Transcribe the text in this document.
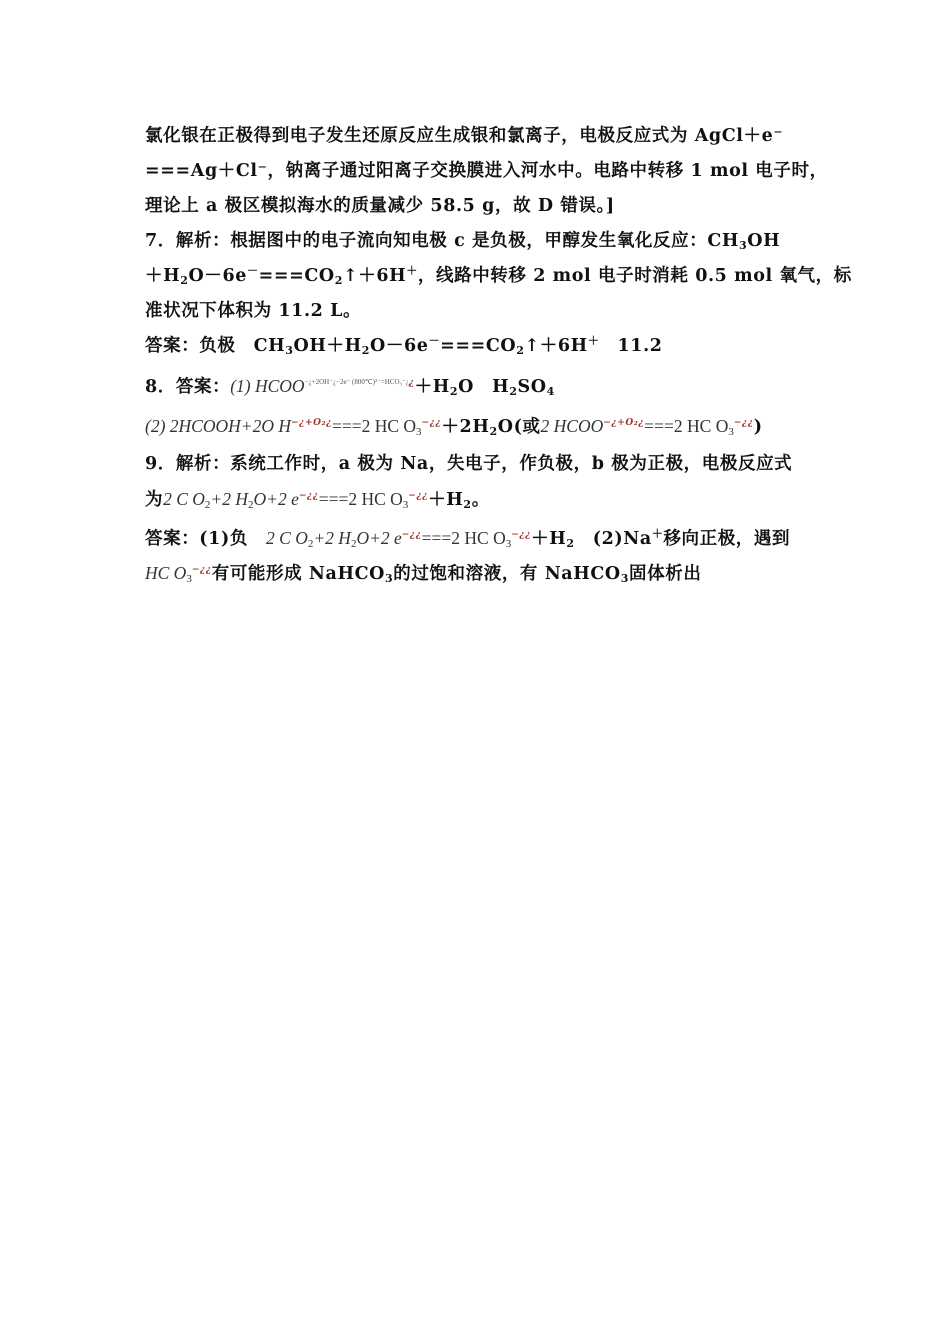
氯化银在正极得到电子发生还原反应生成银和氯离子，电极反应式为 AgCl＋e⁻
===Ag＋Cl⁻，钠离子通过阳离子交换膜进入河水中。电路中转移 1 mol 电子时，
理论上 a 极区模拟海水的质量减少 58.5 g，故 D 错误。]
7．解析：根据图中的电子流向知电极 c 是负极，甲醇发生氧化反应：$CH_3OH$
$+H_2O-6e^-===CO_2↑+6H^+$，线路中转移 2 mol 电子时消耗 0.5 mol 氧气，标
准状况下体积为 11.2 L。
答案：负极　$CH_3OH+H_2O-6e^-===CO_2↑+6H^+$　11.2
8．答案：(1) $HCOO^{-¿+2OH^-¿-2e^- (800℃)^{2-}=HCO_3^-¿¿}+H_2O$　$H_2SO_4$
(2) 2HCOOH+2O $H^{-¿+O_2¿}===2$ HC $O_3^{-¿¿}+2H_2O$(或2 $HCOO^{-¿+O_2¿}===2$ HC $O_3^{-¿¿}$)
9．解析：系统工作时，a 极为 Na，失电子，作负极，b 极为正极，电极反应式
为2 C $O_2+2$ $H_2O+2$ e−¿¿===2 HC $O_3^{-¿¿}+H_2$。
答案：(1)负　2 C $O_2+2$ $H_2O+2$ e−¿¿===2 HC $O_3^{-¿¿}+H_2$　(2)Na＋移向正极，遇到
HC $O_3^{-¿¿}$有可能形成 NaHCO$_3$的过饱和溶液，有 NaHCO$_3$固体析出
